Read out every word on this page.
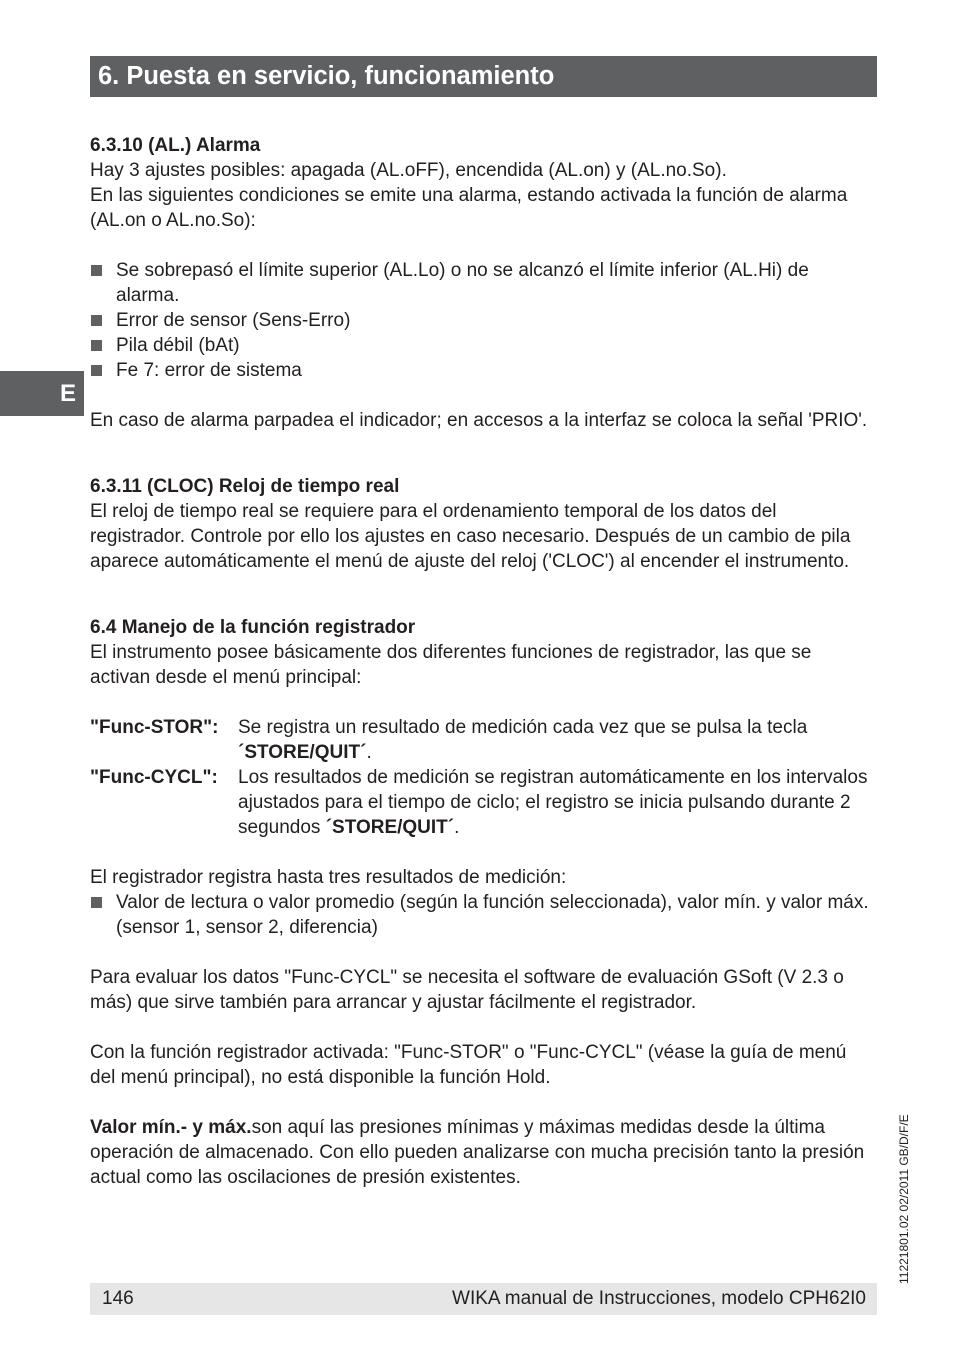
6. Puesta en servicio, funcionamiento
E

6.3.10 (AL.) Alarma

Hay 3 ajustes posibles: apagada (AL.oFF), encendida (AL.on) y (AL.no.So).

En las siguientes condiciones se emite una alarma, estando activada la función de alarma (AL.on o AL.no.So):

Se sobrepasó el límite superior (AL.Lo) o no se alcanzó el límite inferior (AL.Hi) de alarma.
Error de sensor (Sens-Erro)
Pila débil (bAt)
Fe 7: error de sistema

En caso de alarma parpadea el indicador; en accesos a la interfaz se coloca la señal 'PRIO'.

6.3.11 (CLOC) Reloj de tiempo real

El reloj de tiempo real se requiere para el ordenamiento temporal de los datos del registrador. Controle por ello los ajustes en caso necesario. Después de un cambio de pila aparece automáticamente el menú de ajuste del reloj ('CLOC') al encender el instrumento.

6.4 Manejo de la función registrador

El instrumento posee básicamente dos diferentes funciones de registrador, las que se activan desde el menú principal:

"Func-STOR":	Se registra un resultado de medición cada vez que se pulsa la tecla
´STORE/QUIT´.
"Func-CYCL":	Los resultados de medición se registran automáticamente en los intervalos ajustados para el tiempo de ciclo; el registro se inicia pulsando durante 2 segundos ´STORE/QUIT´.

El registrador registra hasta tres resultados de medición:

Valor de lectura o valor promedio (según la función seleccionada), valor mín. y valor máx. (sensor 1, sensor 2, diferencia)

Para evaluar los datos "Func-CYCL" se necesita el software de evaluación GSoft (V 2.3 o más) que sirve también para arrancar y ajustar fácilmente el registrador.

Con la función registrador activada: "Func-STOR" o "Func-CYCL" (véase la guía de menú del menú principal), no está disponible la función Hold.

Valor mín.- y máx.son aquí las presiones mínimas y máximas medidas desde la última operación de almacenado. Con ello pueden analizarse con mucha precisión tanto la presión actual como las oscilaciones de presión existentes.	11221801.02 02/2011 GB/D/F/E
146	WIKA manual de Instrucciones, modelo CPH62I0
